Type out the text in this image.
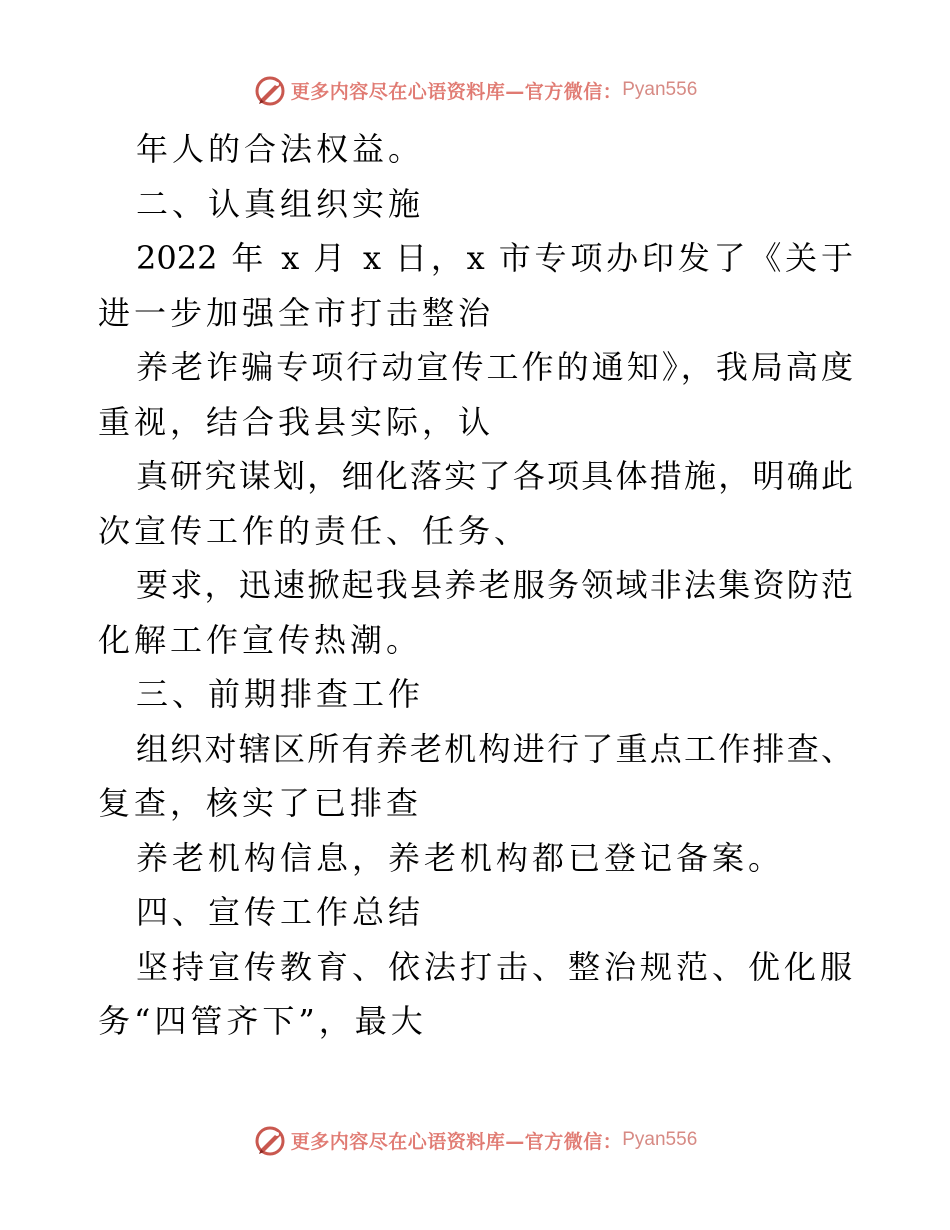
更多内容尽在心语资料库—官方微信： Pyan556
年人的合法权益。
二、认真组织实施
2022 年 x 月 x 日，x 市专项办印发了《关于
进一步加强全市打击整治
养老诈骗专项行动宣传工作的通知》，我局高度
重视，结合我县实际，认
真研究谋划，细化落实了各项具体措施，明确此
次宣传工作的责任、任务、
要求，迅速掀起我县养老服务领域非法集资防范
化解工作宣传热潮。
三、前期排查工作
组织对辖区所有养老机构进行了重点工作排查、
复查，核实了已排查
养老机构信息，养老机构都已登记备案。
四、宣传工作总结
坚持宣传教育、依法打击、整治规范、优化服
务“四管齐下”，最大
更多内容尽在心语资料库—官方微信： Pyan556
